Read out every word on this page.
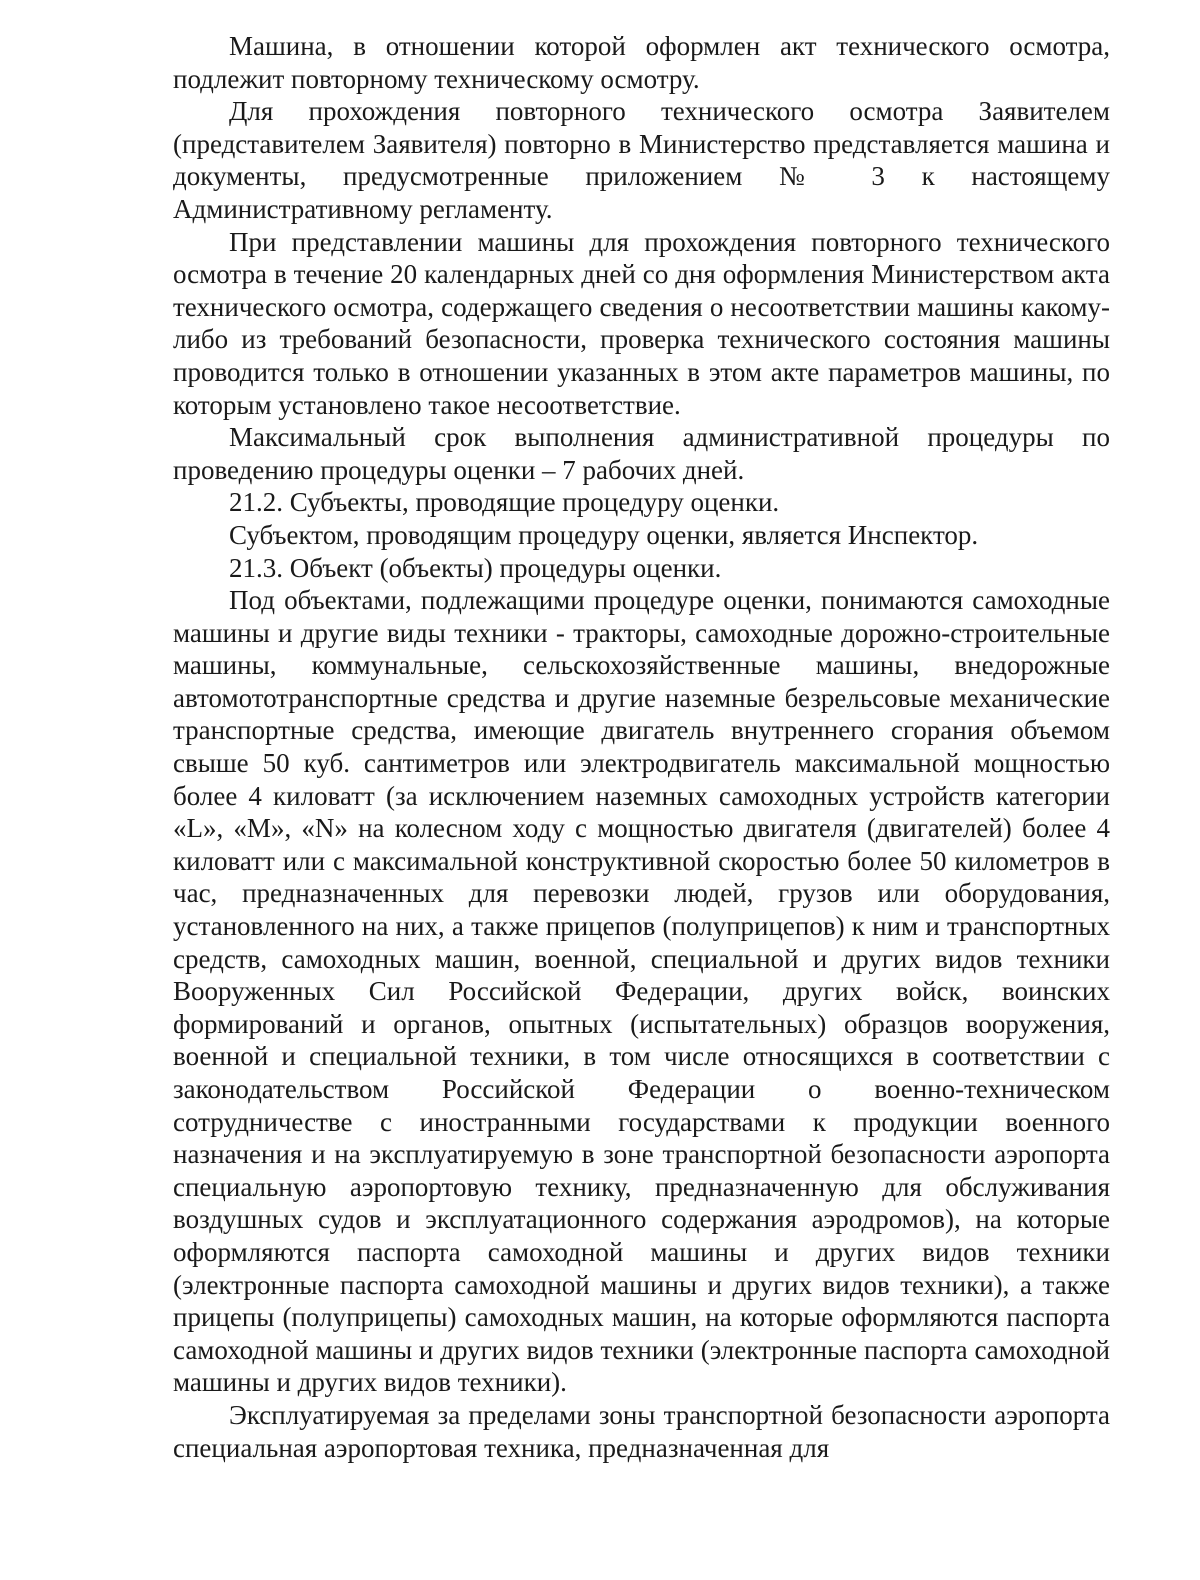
Машина, в отношении которой оформлен акт технического осмотра, подлежит повторному техническому осмотру.

Для прохождения повторного технического осмотра Заявителем (представителем Заявителя) повторно в Министерство представляется машина и документы, предусмотренные приложением № 3 к настоящему Административному регламенту.

При представлении машины для прохождения повторного технического осмотра в течение 20 календарных дней со дня оформления Министерством акта технического осмотра, содержащего сведения о несоответствии машины какому-либо из требований безопасности, проверка технического состояния машины проводится только в отношении указанных в этом акте параметров машины, по которым установлено такое несоответствие.

Максимальный срок выполнения административной процедуры по проведению процедуры оценки – 7 рабочих дней.

21.2. Субъекты, проводящие процедуру оценки.

Субъектом, проводящим процедуру оценки, является Инспектор.

21.3. Объект (объекты) процедуры оценки.

Под объектами, подлежащими процедуре оценки, понимаются самоходные машины и другие виды техники - тракторы, самоходные дорожно-строительные машины, коммунальные, сельскохозяйственные машины, внедорожные автомототранспортные средства и другие наземные безрельсовые механические транспортные средства, имеющие двигатель внутреннего сгорания объемом свыше 50 куб. сантиметров или электродвигатель максимальной мощностью более 4 киловатт (за исключением наземных самоходных устройств категории «L», «M», «N» на колесном ходу с мощностью двигателя (двигателей) более 4 киловатт или с максимальной конструктивной скоростью более 50 километров в час, предназначенных для перевозки людей, грузов или оборудования, установленного на них, а также прицепов (полуприцепов) к ним и транспортных средств, самоходных машин, военной, специальной и других видов техники Вооруженных Сил Российской Федерации, других войск, воинских формирований и органов, опытных (испытательных) образцов вооружения, военной и специальной техники, в том числе относящихся в соответствии с законодательством Российской Федерации о военно-техническом сотрудничестве с иностранными государствами к продукции военного назначения и на эксплуатируемую в зоне транспортной безопасности аэропорта специальную аэропортовую технику, предназначенную для обслуживания воздушных судов и эксплуатационного содержания аэродромов), на которые оформляются паспорта самоходной машины и других видов техники (электронные паспорта самоходной машины и других видов техники), а также прицепы (полуприцепы) самоходных машин, на которые оформляются паспорта самоходной машины и других видов техники (электронные паспорта самоходной машины и других видов техники).

Эксплуатируемая за пределами зоны транспортной безопасности аэропорта специальная аэропортовая техника, предназначенная для
